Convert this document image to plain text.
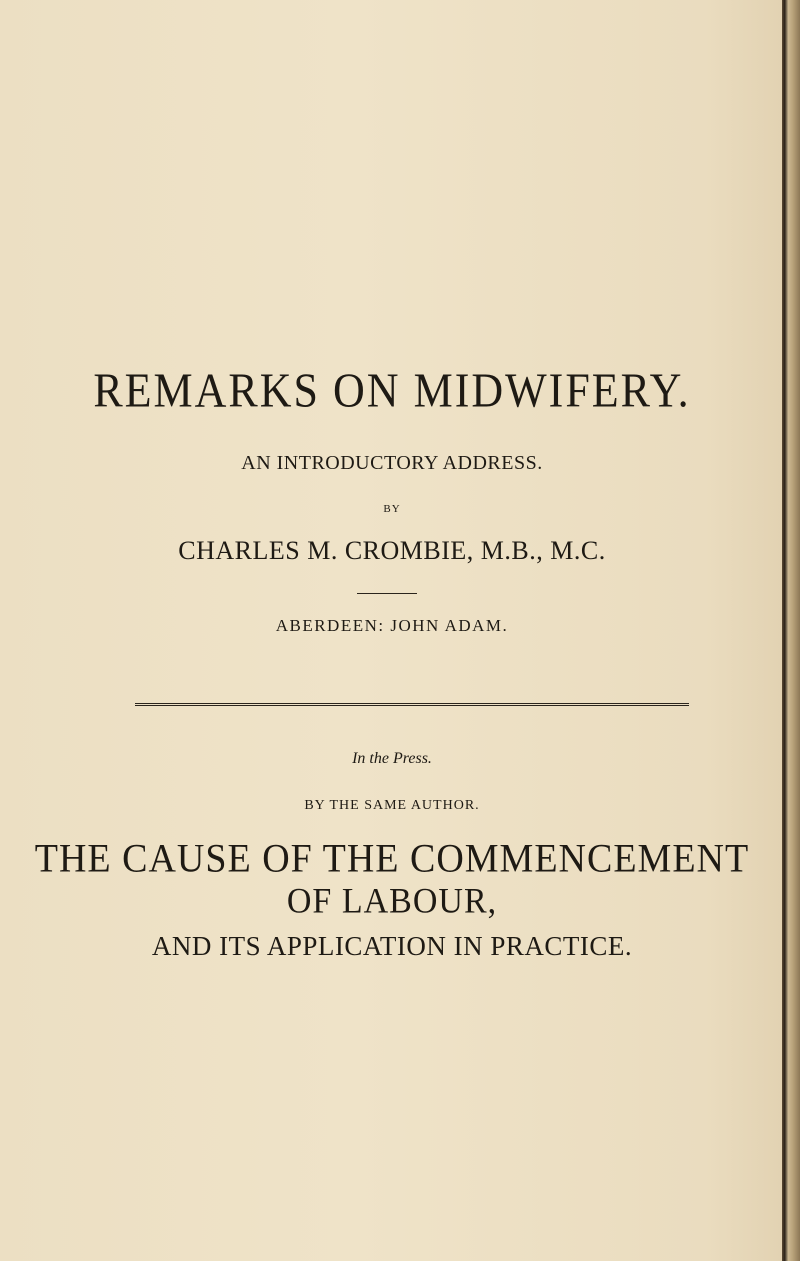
REMARKS ON MIDWIFERY.
AN INTRODUCTORY ADDRESS.
BY
CHARLES M. CROMBIE, M.B., M.C.
ABERDEEN: JOHN ADAM.
In the Press.
BY THE SAME AUTHOR.
THE CAUSE OF THE COMMENCEMENT
OF LABOUR,
AND ITS APPLICATION IN PRACTICE.
